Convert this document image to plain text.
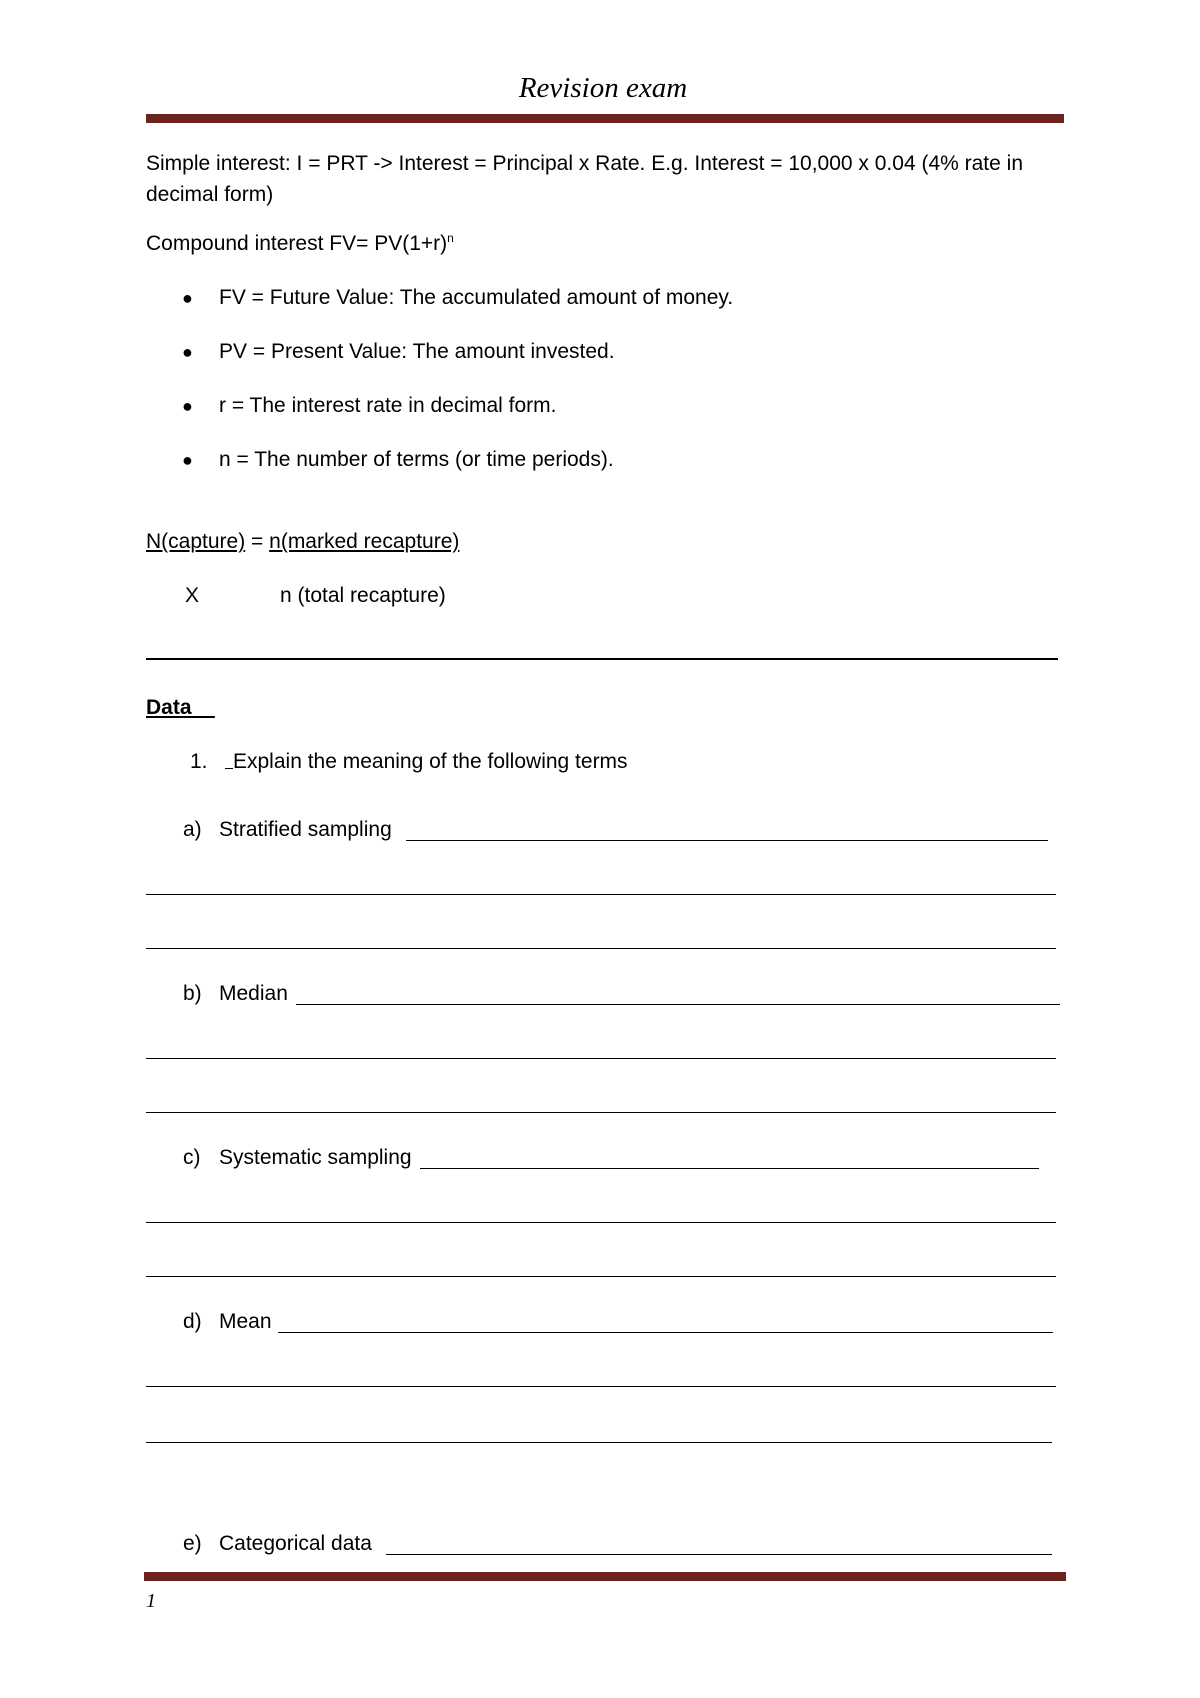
Revision exam
Simple interest: I = PRT -> Interest = Principal x Rate. E.g. Interest = 10,000 x 0.04 (4% rate in decimal form)
Compound interest $FV= PV(1+r)^n$
● FV = Future Value: The accumulated amount of money.
● PV = Present Value: The amount invested.
● r = The interest rate in decimal form.
● n = The number of terms (or time periods).
N(capture) = n(marked recapture)
X	n (total recapture)
Data
1.	Explain the meaning of the following terms
a) Stratified sampling
b) Median
c) Systematic sampling
d) Mean
e) Categorical data
1
